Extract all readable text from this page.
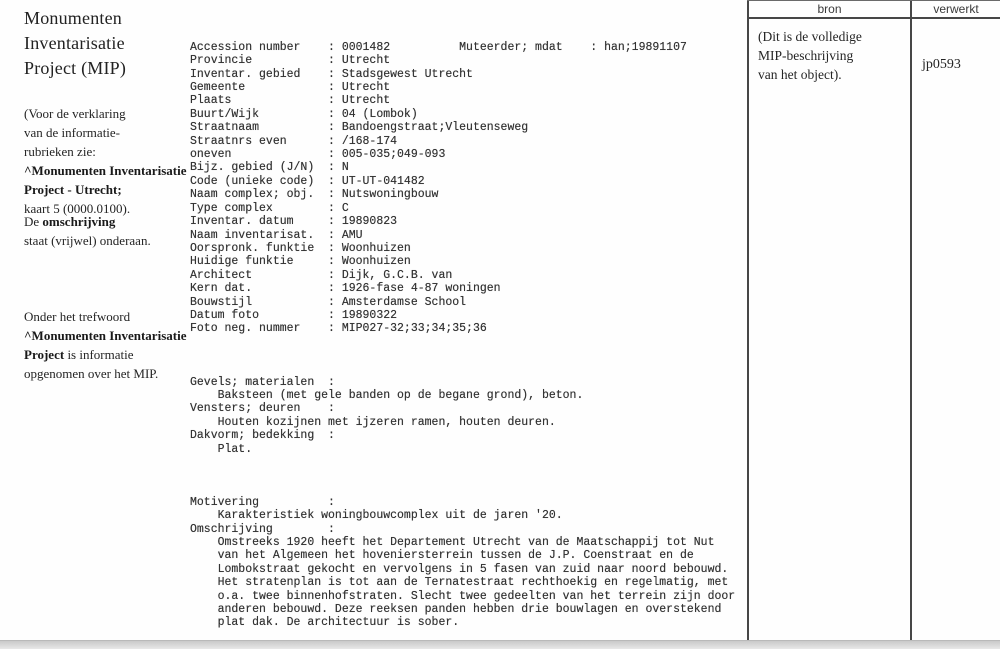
Monumenten
Inventarisatie
Project (MIP)
(Voor de verklaring
van de informatie-
rubrieken zie:
^Monumenten Inventarisatie
Project - Utrecht;
kaart 5 (0000.0100).
De omschrijving
staat (vrijwel) onderaan.
Onder het trefwoord
^Monumenten Inventarisatie
Project is informatie
opgenomen over het MIP.

Accession number    : 0001482          Muteerder; mdat    : han;19891107
Provincie           : Utrecht
Inventar. gebied    : Stadsgewest Utrecht
Gemeente            : Utrecht
Plaats              : Utrecht
Buurt/Wijk          : 04 (Lombok)
Straatnaam          : Bandoengstraat;Vleutenseweg
Straatnrs even      : /168-174
oneven              : 005-035;049-093
Bijz. gebied (J/N)  : N
Code (unieke code)  : UT-UT-041482
Naam complex; obj.  : Nutswoningbouw
Type complex        : C
Inventar. datum     : 19890823
Naam inventarisat.  : AMU
Oorspronk. funktie  : Woonhuizen
Huidige funktie     : Woonhuizen
Architect           : Dijk, G.C.B. van
Kern dat.           : 1926-fase 4-87 woningen
Bouwstijl           : Amsterdamse School
Datum foto          : 19890322
Foto neg. nummer    : MIP027-32;33;34;35;36

Gevels; materialen  :
Baksteen (met gele banden op de begane grond), beton.
Vensters; deuren    :
Houten kozijnen met ijzeren ramen, houten deuren.
Dakvorm; bedekking  :
Plat.

Motivering          :
Karakteristiek woningbouwcomplex uit de jaren '20.
Omschrijving        :
Omstreeks 1920 heeft het Departement Utrecht van de Maatschappij tot Nut
van het Algemeen het hoveniersterrein tussen de J.P. Coenstraat en de
Lombokstraat gekocht en vervolgens in 5 fasen van zuid naar noord bebouwd.
Het stratenplan is tot aan de Ternatestraat rechthoekig en regelmatig, met
o.a. twee binnenhofstraten. Slecht twee gedeelten van het terrein zijn door
anderen bebouwd. Deze reeksen panden hebben drie bouwlagen en overstekend
plat dak. De architectuur is sober.

bron	verwerkt
(Dit is de volledige
MIP-beschrijving
van het object).
jp0593
